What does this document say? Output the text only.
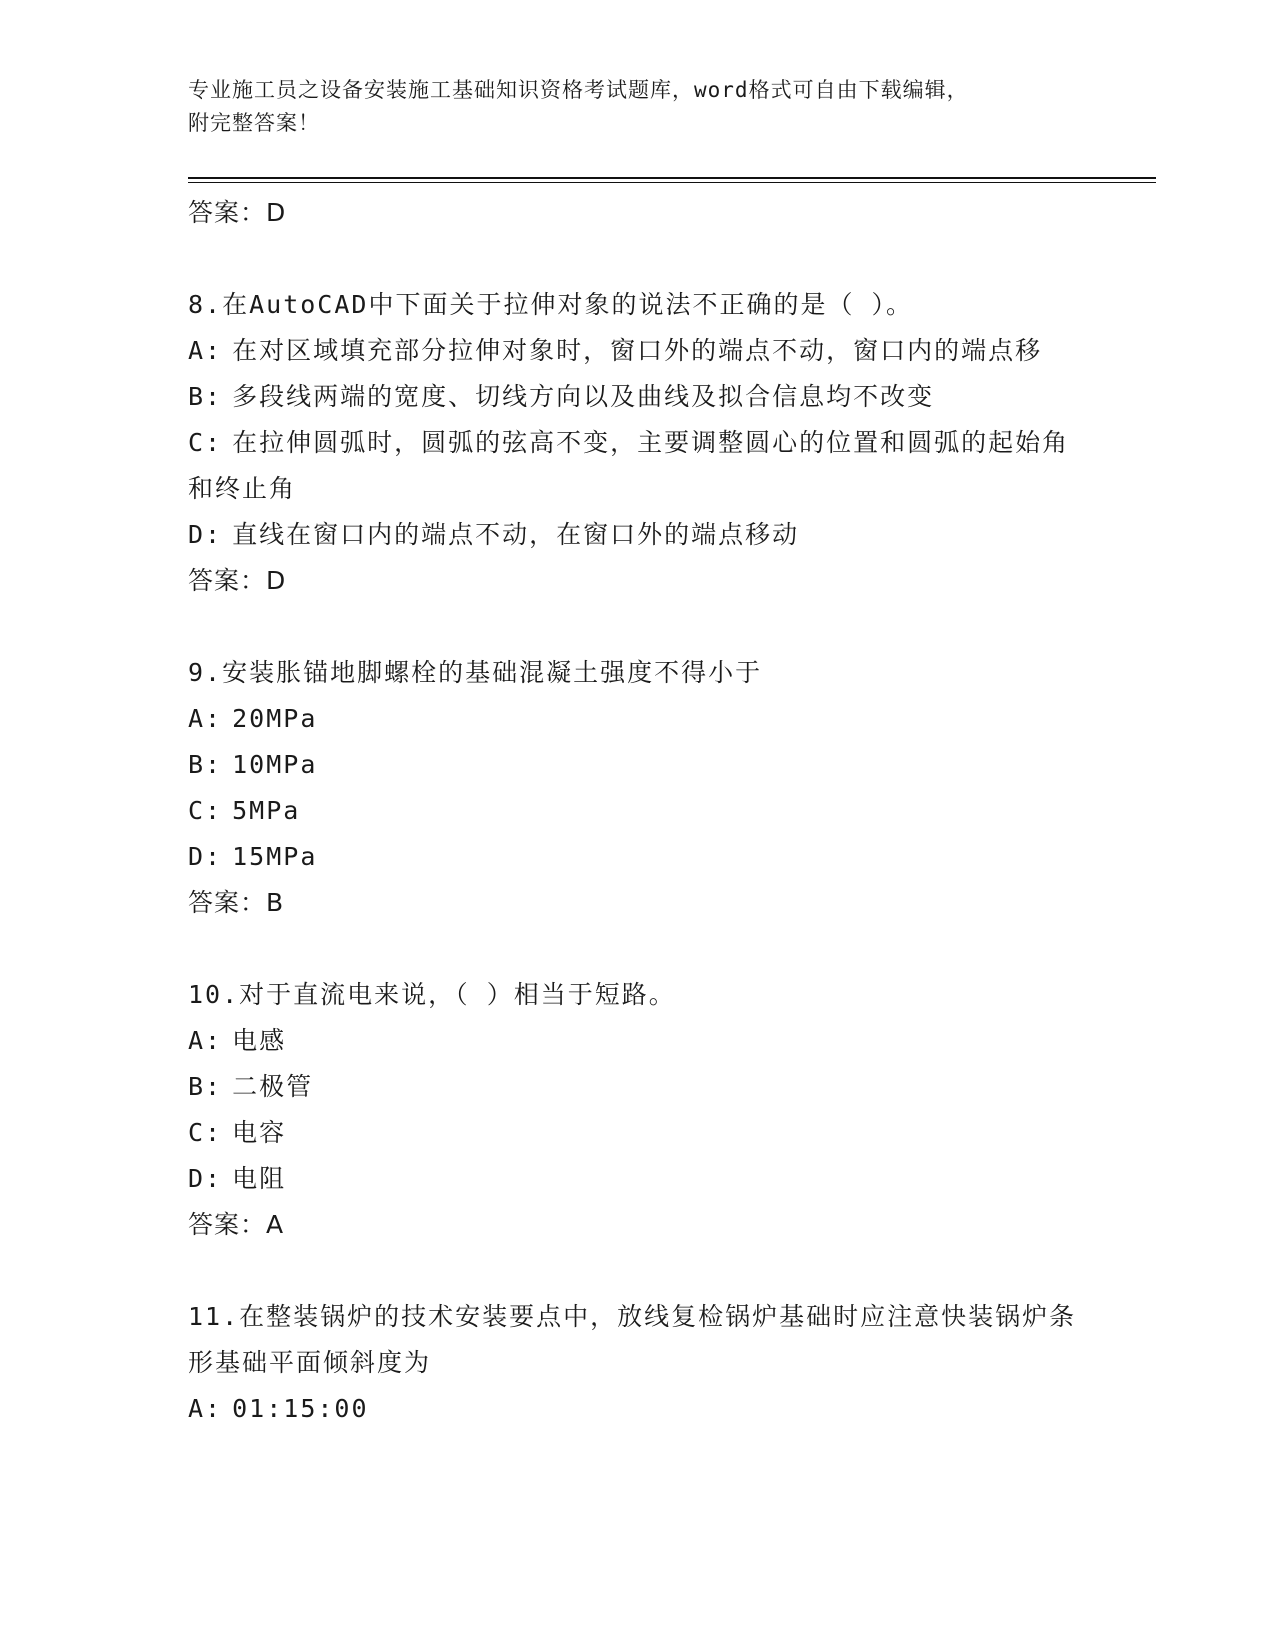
专业施工员之设备安装施工基础知识资格考试题库，word格式可自由下载编辑，
附完整答案！
答案：D
8.在AutoCAD中下面关于拉伸对象的说法不正确的是（ ）。
A: 在对区域填充部分拉伸对象时，窗口外的端点不动，窗口内的端点移
B: 多段线两端的宽度、切线方向以及曲线及拟合信息均不改变
C: 在拉伸圆弧时，圆弧的弦高不变，主要调整圆心的位置和圆弧的起始角和终止角
D: 直线在窗口内的端点不动，在窗口外的端点移动
答案：D
9.安装胀锚地脚螺栓的基础混凝土强度不得小于
A: 20MPa
B: 10MPa
C: 5MPa
D: 15MPa
答案：B
10.对于直流电来说，（ ）相当于短路。
A: 电感
B: 二极管
C: 电容
D: 电阻
答案：A
11.在整装锅炉的技术安装要点中，放线复检锅炉基础时应注意快装锅炉条形基础平面倾斜度为
A: 01:15:00
